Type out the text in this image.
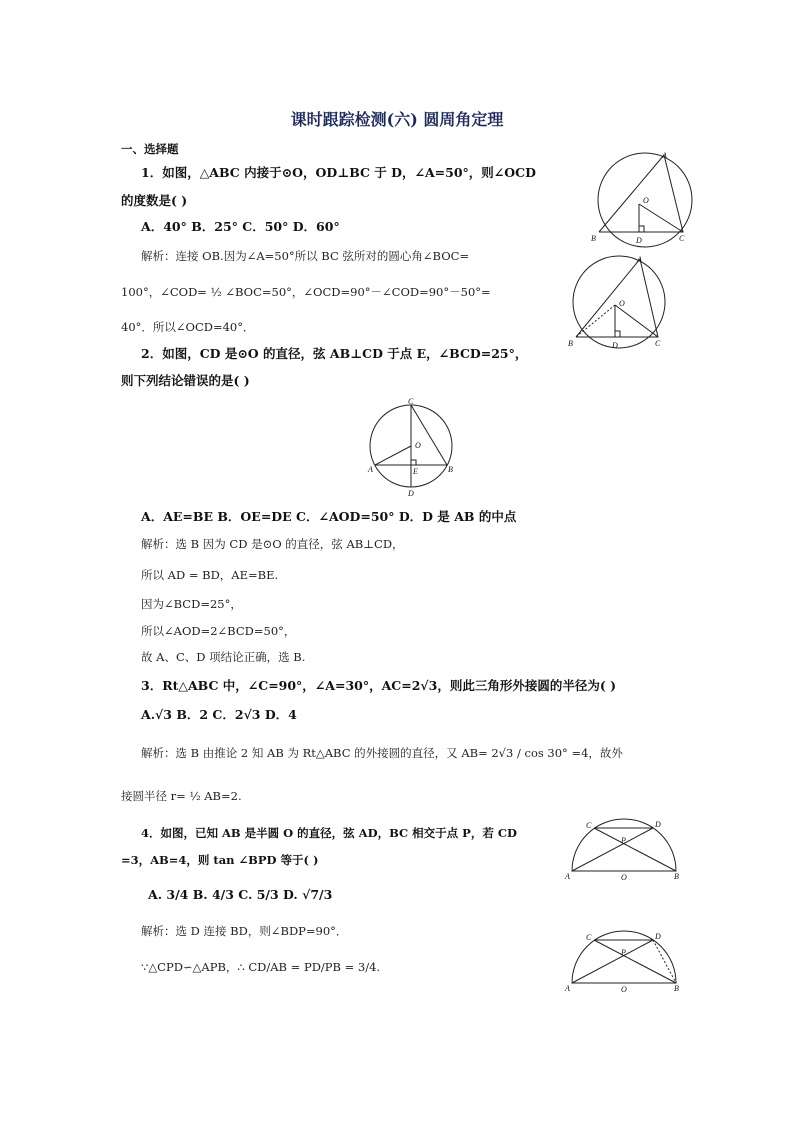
课时跟踪检测(六) 圆周角定理
一、选择题
1．如图，△ABC 内接于⊙O，OD⊥BC 于 D，∠A=50°，则∠OCD
的度数是( )
A．40° B．25° C．50° D．60°
解析：连接 OB.因为∠A=50°所以 BC 弦所对的圆心角∠BOC=
100°，∠COD= ½ ∠BOC=50°，∠OCD=90°－∠COD=90°－50°=
40°．所以∠OCD=40°．
2．如图，CD 是⊙O 的直径，弦 AB⊥CD 于点 E，∠BCD=25°，
则下列结论错误的是( )
A．AE=BE B．OE=DE C．∠AOD=50° D．D 是 AB 的中点
解析：选 B 因为 CD 是⊙O 的直径，弦 AB⊥CD，
所以 AD = BD，AE=BE.
因为∠BCD=25°，
所以∠AOD=2∠BCD=50°，
故 A、C、D 项结论正确，选 B.
3．Rt△ABC 中，∠C=90°，∠A=30°，AC=2√3，则此三角形外接圆的半径为( )
A.√3 B．2 C．2√3 D．4
解析：选 B 由推论 2 知 AB 为 Rt△ABC 的外接圆的直径，又 AB= 2√3 / cos 30° =4，故外
接圆半径 r= ½ AB=2.
4．如图，已知 AB 是半圆 O 的直径，弦 AD，BC 相交于点 P，若 CD
=3，AB=4，则 tan ∠BPD 等于( )
A. 3/4 B. 4/3 C. 5/3 D. √7/3
解析：选 D 连接 BD，则∠BDP=90°．
∵△CPD∽△APB，∴ CD/AB = PD/PB = 3/4.
A
O
B	D	C
A
O
B	D	C
C
O
A	E	B
D
C	D
P
A	O	B
C	D
P
A	O	B
